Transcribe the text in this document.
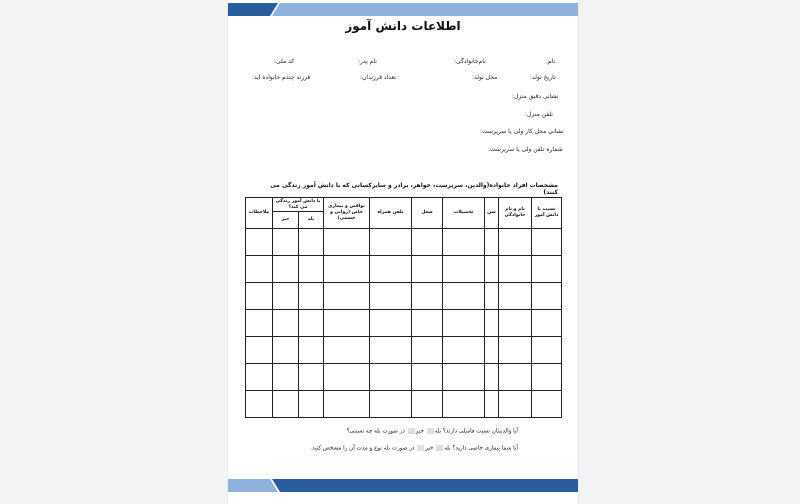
اطلاعات دانش آموز
نام:
نام‌خانوادگی:
نام پدر:
کد ملی:
تاریخ تولد:
محل تولد:
تعداد فرزندان:
فرزند چندم خانواده اید:
نشانی دقیق منزل:
تلفن منزل:
نشانی محل کار ولی یا سرپرست:
شماره تلفن ولی یا سرپرست:
مشخصات افراد خانواده(والدین، سرپرست، خواهر، برادر و سایرکسانی که با دانش آموز زندگی می کنند)
نسبت با دانش آموز	نام و نام خانوادگی	سن	تحصیلات	شغل	تلفن همراه	نواقص و بیماری خاص (روانی و جسمی)	با دانش آموز زندگی می کند؟		ملاحظات
							بله	خیر	

آیا والدینتان نسبت فامیلی دارند؟ بله خیر در صورت بله چه نسبتی؟
آیا شما بیماری خاصی دارید؟ بله خیر در صورت بله نوع و مدت آن را مشخص کنید.
